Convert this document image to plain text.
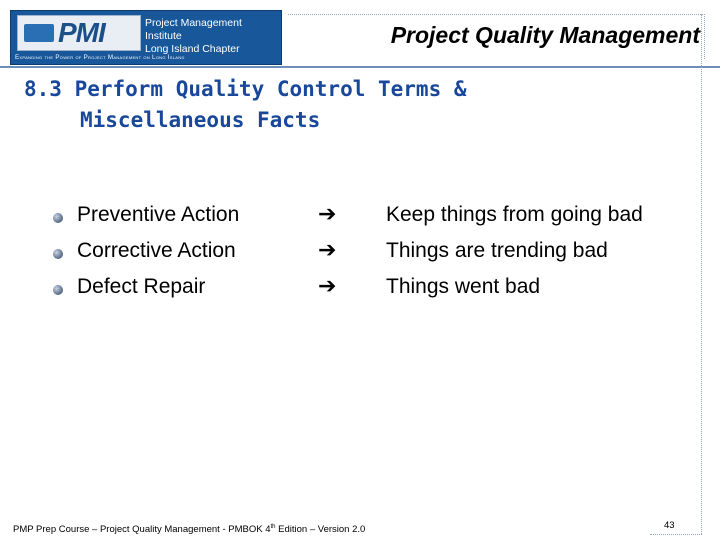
PMI	Project Management Institute
Long Island Chapter
Expanding the Power of Project Management on Long Island
Project Quality Management
8.3 Perform Quality Control Terms &
Miscellaneous Facts
Preventive Action	➔ Keep things from going bad
Corrective Action	➔ Things are trending bad
Defect Repair	➔ Things went bad
PMP Prep Course – Project Quality Management - PMBOK 4th Edition – Version 2.0	43
